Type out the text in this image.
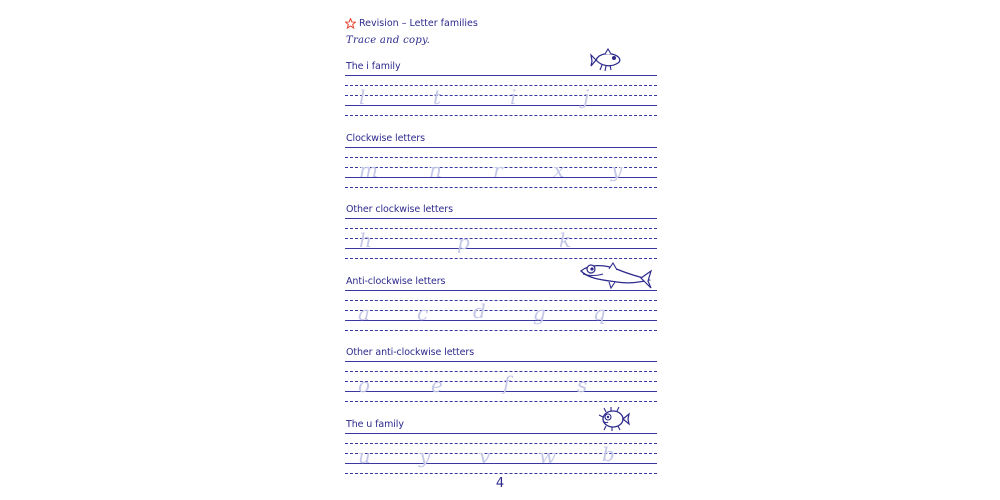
Revision – Letter families
Trace and copy.
The i family
l	t	i	j
Clockwise letters
m	n	r	x y
Other clockwise letters
h	p	k
Anti-clockwise letters
a c d g q
Other anti-clockwise letters
o	e	f	s
The u family
u y v w b
4
